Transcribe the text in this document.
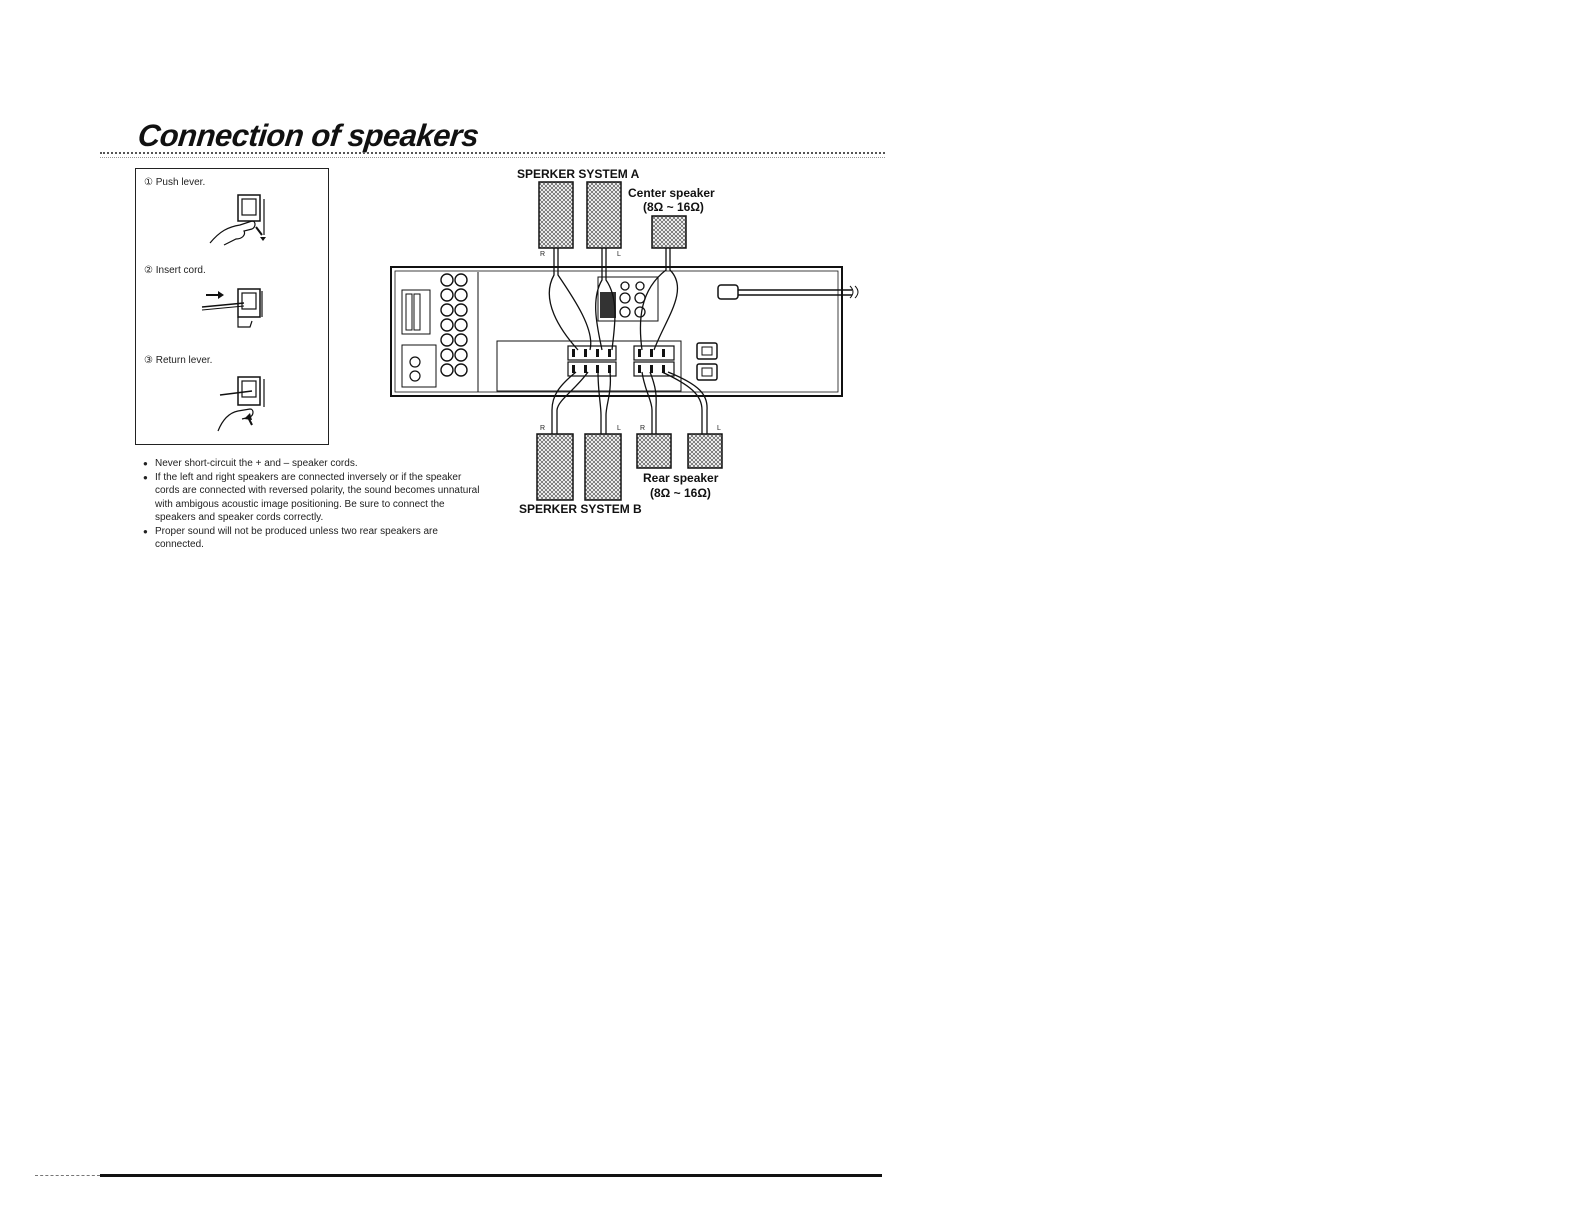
Connection of speakers
① Push lever.
② Insert cord.
③ Return lever.
● Never short-circuit the + and – speaker cords.
● If the left and right speakers are connected inversely or if the speaker cords are connected with reversed polarity, the sound becomes unnatural with ambigous acoustic image positioning. Be sure to connect the speakers and speaker cords correctly.
● Proper sound will not be produced unless two rear speakers are connected.
SPERKER SYSTEM A
Center speaker
(8Ω ~ 16Ω)
Rear speaker
(8Ω ~ 16Ω)
SPERKER SYSTEM B
R	L
R	L	R	L
